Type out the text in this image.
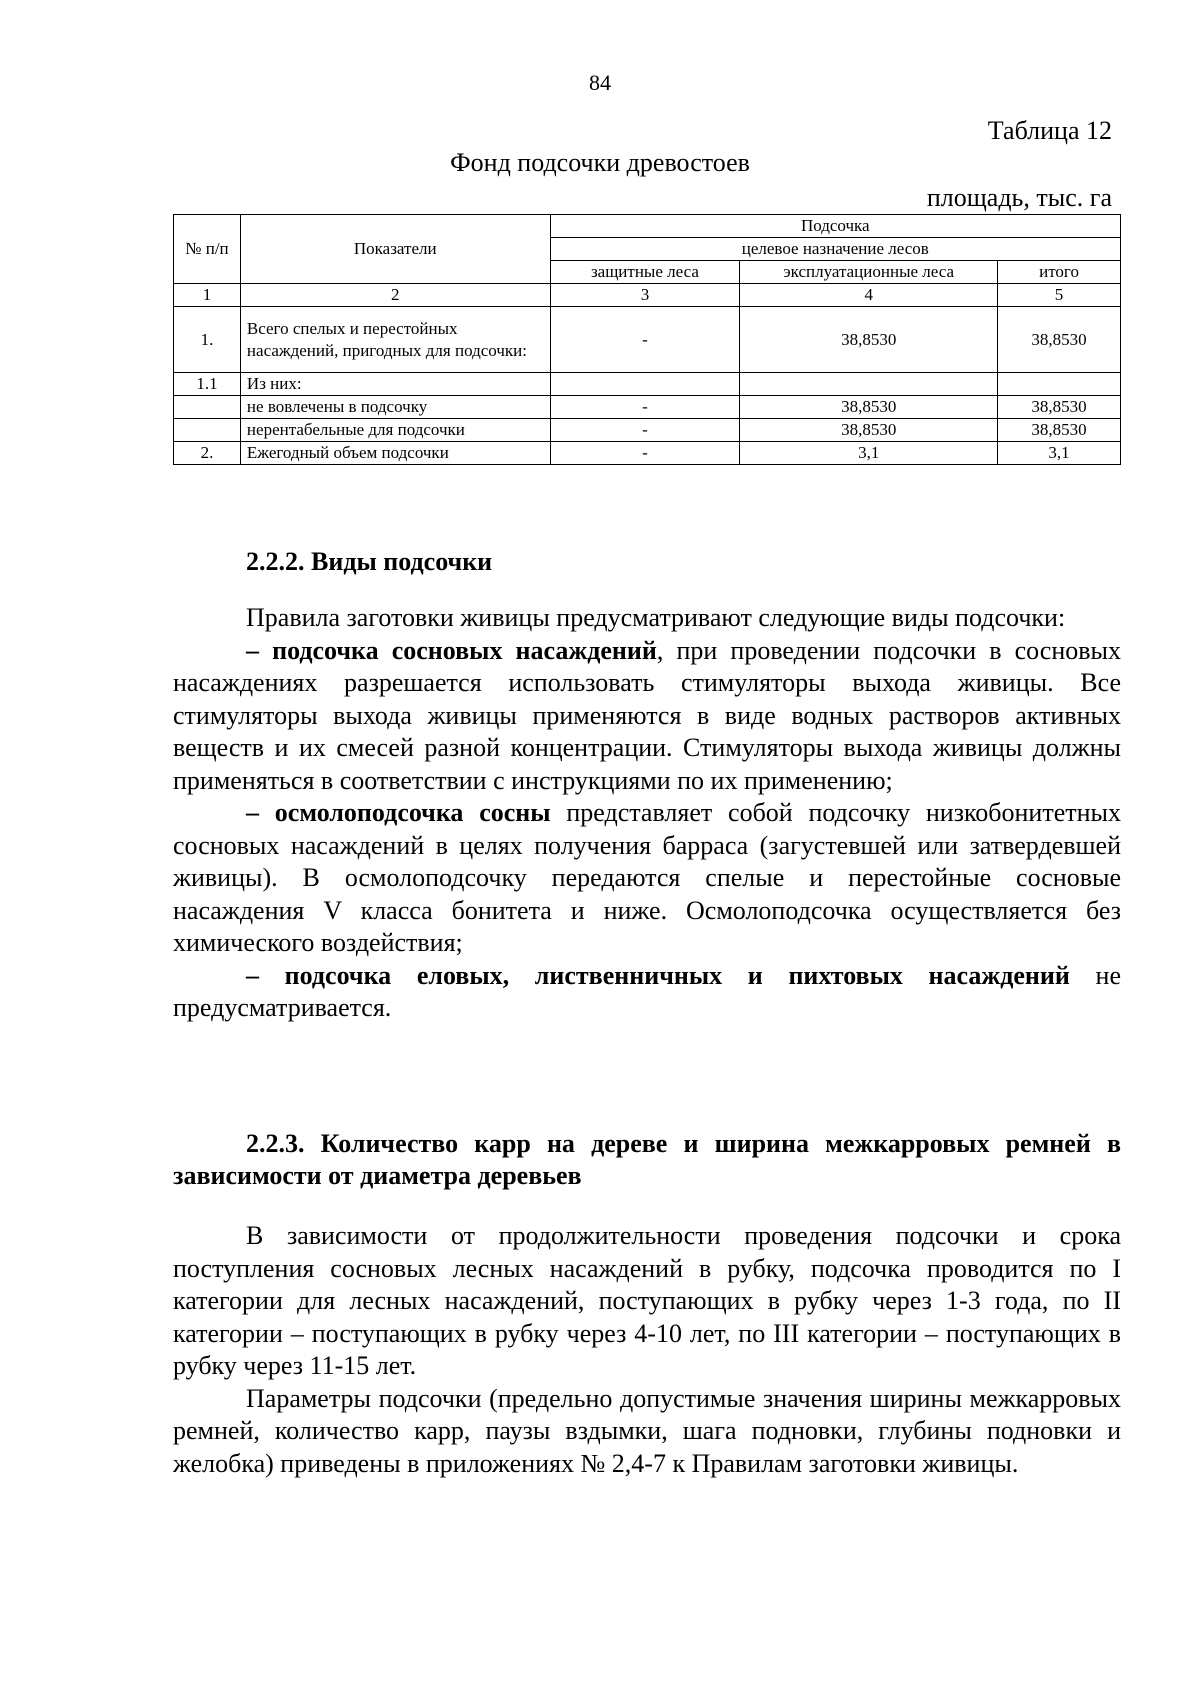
84
Таблица 12
Фонд подсочки древостоев
площадь, тыс. га
№ п/п	Показатели	Подсочка		
		целевое назначение лесов		
		защитные леса	эксплуатационные леса	итого
1	2	3	4	5
1.	Всего спелых и перестойных насаждений, пригодных для подсочки:	-	38,8530	38,8530
1.1	Из них:			
	не вовлечены в подсочку	-	38,8530	38,8530
	нерентабельные для подсочки	-	38,8530	38,8530
2.	Ежегодный объем подсочки	-	3,1	3,1

2.2.2. Виды подсочки

Правила заготовки живицы предусматривают следующие виды подсочки:

– подсочка сосновых насаждений, при проведении подсочки в сосновых насаждениях разрешается использовать стимуляторы выхода живицы. Все стимуляторы выхода живицы применяются в виде водных растворов активных веществ и их смесей разной концентрации. Стимуляторы выхода живицы должны применяться в соответствии с инструкциями по их применению;

– осмолоподсочка сосны представляет собой подсочку низкобонитетных сосновых насаждений в целях получения барраса (загустевшей или затвердевшей живицы). В осмолоподсочку передаются спелые и перестойные сосновые насаждения V класса бонитета и ниже. Осмолоподсочка осуществляется без химического воздействия;

– подсочка еловых, лиственничных и пихтовых насаждений не предусматривается.

2.2.3. Количество карр на дереве и ширина межкарровых ремней в зависимости от диаметра деревьев

В зависимости от продолжительности проведения подсочки и срока поступления сосновых лесных насаждений в рубку, подсочка проводится по I категории для лесных насаждений, поступающих в рубку через 1-3 года, по II категории – поступающих в рубку через 4-10 лет, по III категории – поступающих в рубку через 11-15 лет.

Параметры подсочки (предельно допустимые значения ширины межкарровых ремней, количество карр, паузы вздымки, шага подновки, глубины подновки и желобка) приведены в приложениях № 2,4-7 к Правилам заготовки живицы.
